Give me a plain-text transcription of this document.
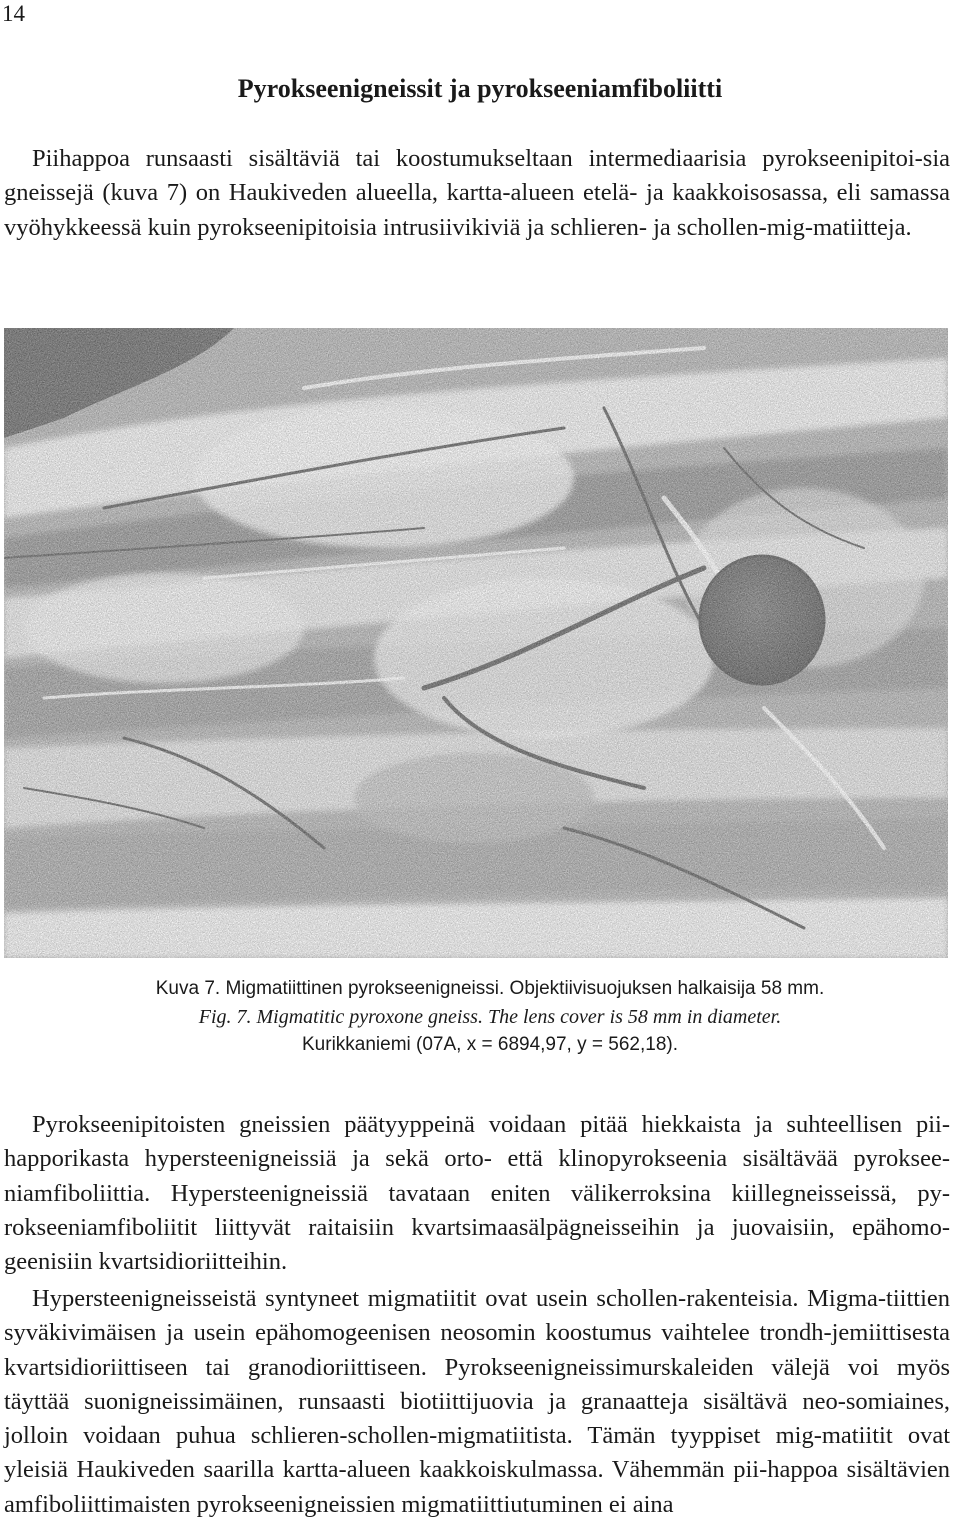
14
Pyrokseenigneissit ja pyrokseeniamfiboliitti

Piihappoa runsaasti sisältäviä tai koostumukseltaan intermediaarisia pyrokseenipitoi-sia gneissejä (kuva 7) on Haukiveden alueella, kartta-alueen etelä- ja kaakkoisosassa, eli samassa vyöhykkeessä kuin pyrokseenipitoisia intrusiivikiviä ja schlieren- ja schollen-mig-matiitteja.

Kuva 7. Migmatiittinen pyrokseenigneissi. Objektiivisuojuksen halkaisija 58 mm.
Fig. 7. Migmatitic pyroxone gneiss. The lens cover is 58 mm in diameter.
Kurikkaniemi (07A, x = 6894,97, y = 562,18).

Pyrokseenipitoisten gneissien päätyyppeinä voidaan pitää hiekkaista ja suhteellisen pii-happorikasta hypersteenigneissiä ja sekä orto- että klinopyrokseenia sisältävää pyroksee-niamfiboliittia. Hypersteenigneissiä tavataan eniten välikerroksina kiillegneisseissä, py-rokseeniamfiboliitit liittyvät raitaisiin kvartsimaasälpägneisseihin ja juovaisiin, epähomo-geenisiin kvartsidioriitteihin.

Hypersteenigneisseistä syntyneet migmatiitit ovat usein schollen-rakenteisia. Migma-tiittien syväkivimäisen ja usein epähomogeenisen neosomin koostumus vaihtelee trondh-jemiittisesta kvartsidioriittiseen tai granodioriittiseen. Pyrokseenigneissimurskaleiden välejä voi myös täyttää suonigneissimäinen, runsaasti biotiittijuovia ja granaatteja sisältävä neo-somiaines, jolloin voidaan puhua schlieren-schollen-migmatiitista. Tämän tyyppiset mig-matiitit ovat yleisiä Haukiveden saarilla kartta-alueen kaakkoiskulmassa. Vähemmän pii-happoa sisältävien amfiboliittimaisten pyrokseenigneissien migmatiittiutuminen ei aina
